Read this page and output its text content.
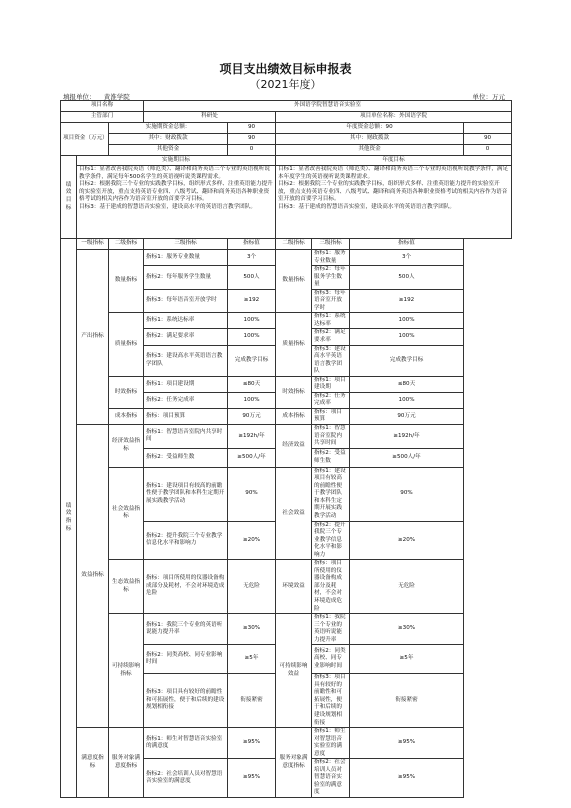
项目支出绩效目标申报表
（2021年度）
填报单位： 黄淮学院	单位：万元
项目名称			外国语学院智慧语音实验室					
主管部门			科研处		项目单位名称：外国语学院			
项目资金（万元）		实施期资金总额：		90	年度资金总额：90			
		其中：财政拨款		90	其中：财政拨款			90
		其他资金		0	其他资金			0
绩效目标	实施期目标				年度目标			
	目标1：显著改善我院英语（师范类）、翻译和商务英语三个专业的英语视听说教学条件，满足每年500名学生的英语视听说类课程需求。
目标2：根据我院三个专业的实践教学目标，组织形式多样、注重英语能力提升的实验室开放，重点支持英语专业四、八级考试、翻译和商务英语各种职业资格考试的相关内容作为语音室开放的首要学习目标。
目标3：基于建成的智慧语音实验室，建设高水平的英语语言教学团队。				目标1：显著改善我院英语（师范类）、翻译和商务英语三个专业的英语视听说教学条件，满足本年度学生的英语视听说类课程需求。
目标2：根据我院三个专业的实践教学目标，组织形式多样、注重英语能力提升的实验室开放，重点支持英语专业四、八级考试、翻译和商务英语各种职业资格考试的相关内容作为语音室开放的首要学习目标。
目标3：基于建成的智慧语音实验室，建设高水平的英语语言教学团队。			
绩效指标	一级指标	二级指标	三级指标	指标值	二级指标	三级指标	指标值	
	产出指标	数量指标	指标1：服务专业数量	3个	数量指标	指标1：服务专业数量	3个	
			指标2：每年服务学生数量	500人		指标2：每年服务学生数量	500人	
			指标3：每年语音室开放学时	≥192		指标3：每年语音室开放学时	≥192	
		质量指标	指标1：系统达标率	100%	质量指标	指标1：系统达标率	100%	
			指标2：满足要求率	100%		指标2：满足要求率	100%	
			指标3：建设高水平英语语言教学团队	完成教学目标		指标3：建设高水平英语语言教学团队	完成教学目标	
		时效指标	指标1：项目建设期	≤80天	时效指标	指标1：项目建设期	≤80天	
			指标2：任务完成率	100%		指标2：任务完成率	100%	
		成本指标	指标：项目预算	90万元	成本指标	指标：项目预算	90万元	
	效益指标	经济效益指标	指标1：智慧语音室院内共享时间	≥192h/年	经济效益	指标1：智慧语音室院内共享时间	≥192h/年	
			指标2：受益师生数	≥500人/年		指标2：受益师生数	≥500人/年	
		社会效益指标	指标1：建设项目有较高的前瞻性便于教学团队和本科生定期开展实践教学活动	90%	社会效益	指标1：建设项目有较高的前瞻性便于教学团队和本科生定期开展实践教学活动	90%	
			指标2：提升我院三个专业教学信息化水平和影响力	≥20%		指标2：提升我院三个专业教学信息化水平和影响力	≥20%	
		生态效益指标	指标：项目所使用的仪器设备构成部分及耗材，不会对环境造成危险	无危险	环境效益	指标：项目所使用的仪器设备构成部分及耗材，不会对环境造成危险	无危险	
		可持续影响指标	指标1：我院三个专业的英语听说能力提升率	≥30%	可持续影响效益	指标1：我院三个专业的英语听说能力提升率	≥30%	
			指标2：同类高校、同专业影响时间	≥5年		指标2：同类高校、同专业影响时间	≥5年	
			指标3：项目具有较好的前瞻性和可拓展性，便于和后续的建设规划相衔接	衔接紧密		指标3：项目具有较好的前瞻性和可拓展性，便于和后续的建设规划相衔接	衔接紧密	
	满意度指标	服务对象满意度指标	指标1：师生对智慧语音实验室的满意度	≥95%	服务对象满意度指标	指标1：师生对智慧语音实验室的满意度	≥95%	
			指标2：社会培训人员对智慧语音实验室的满意度	≥95%		指标2：社会培训人员对智慧语音实验室的满意度	≥95%	
